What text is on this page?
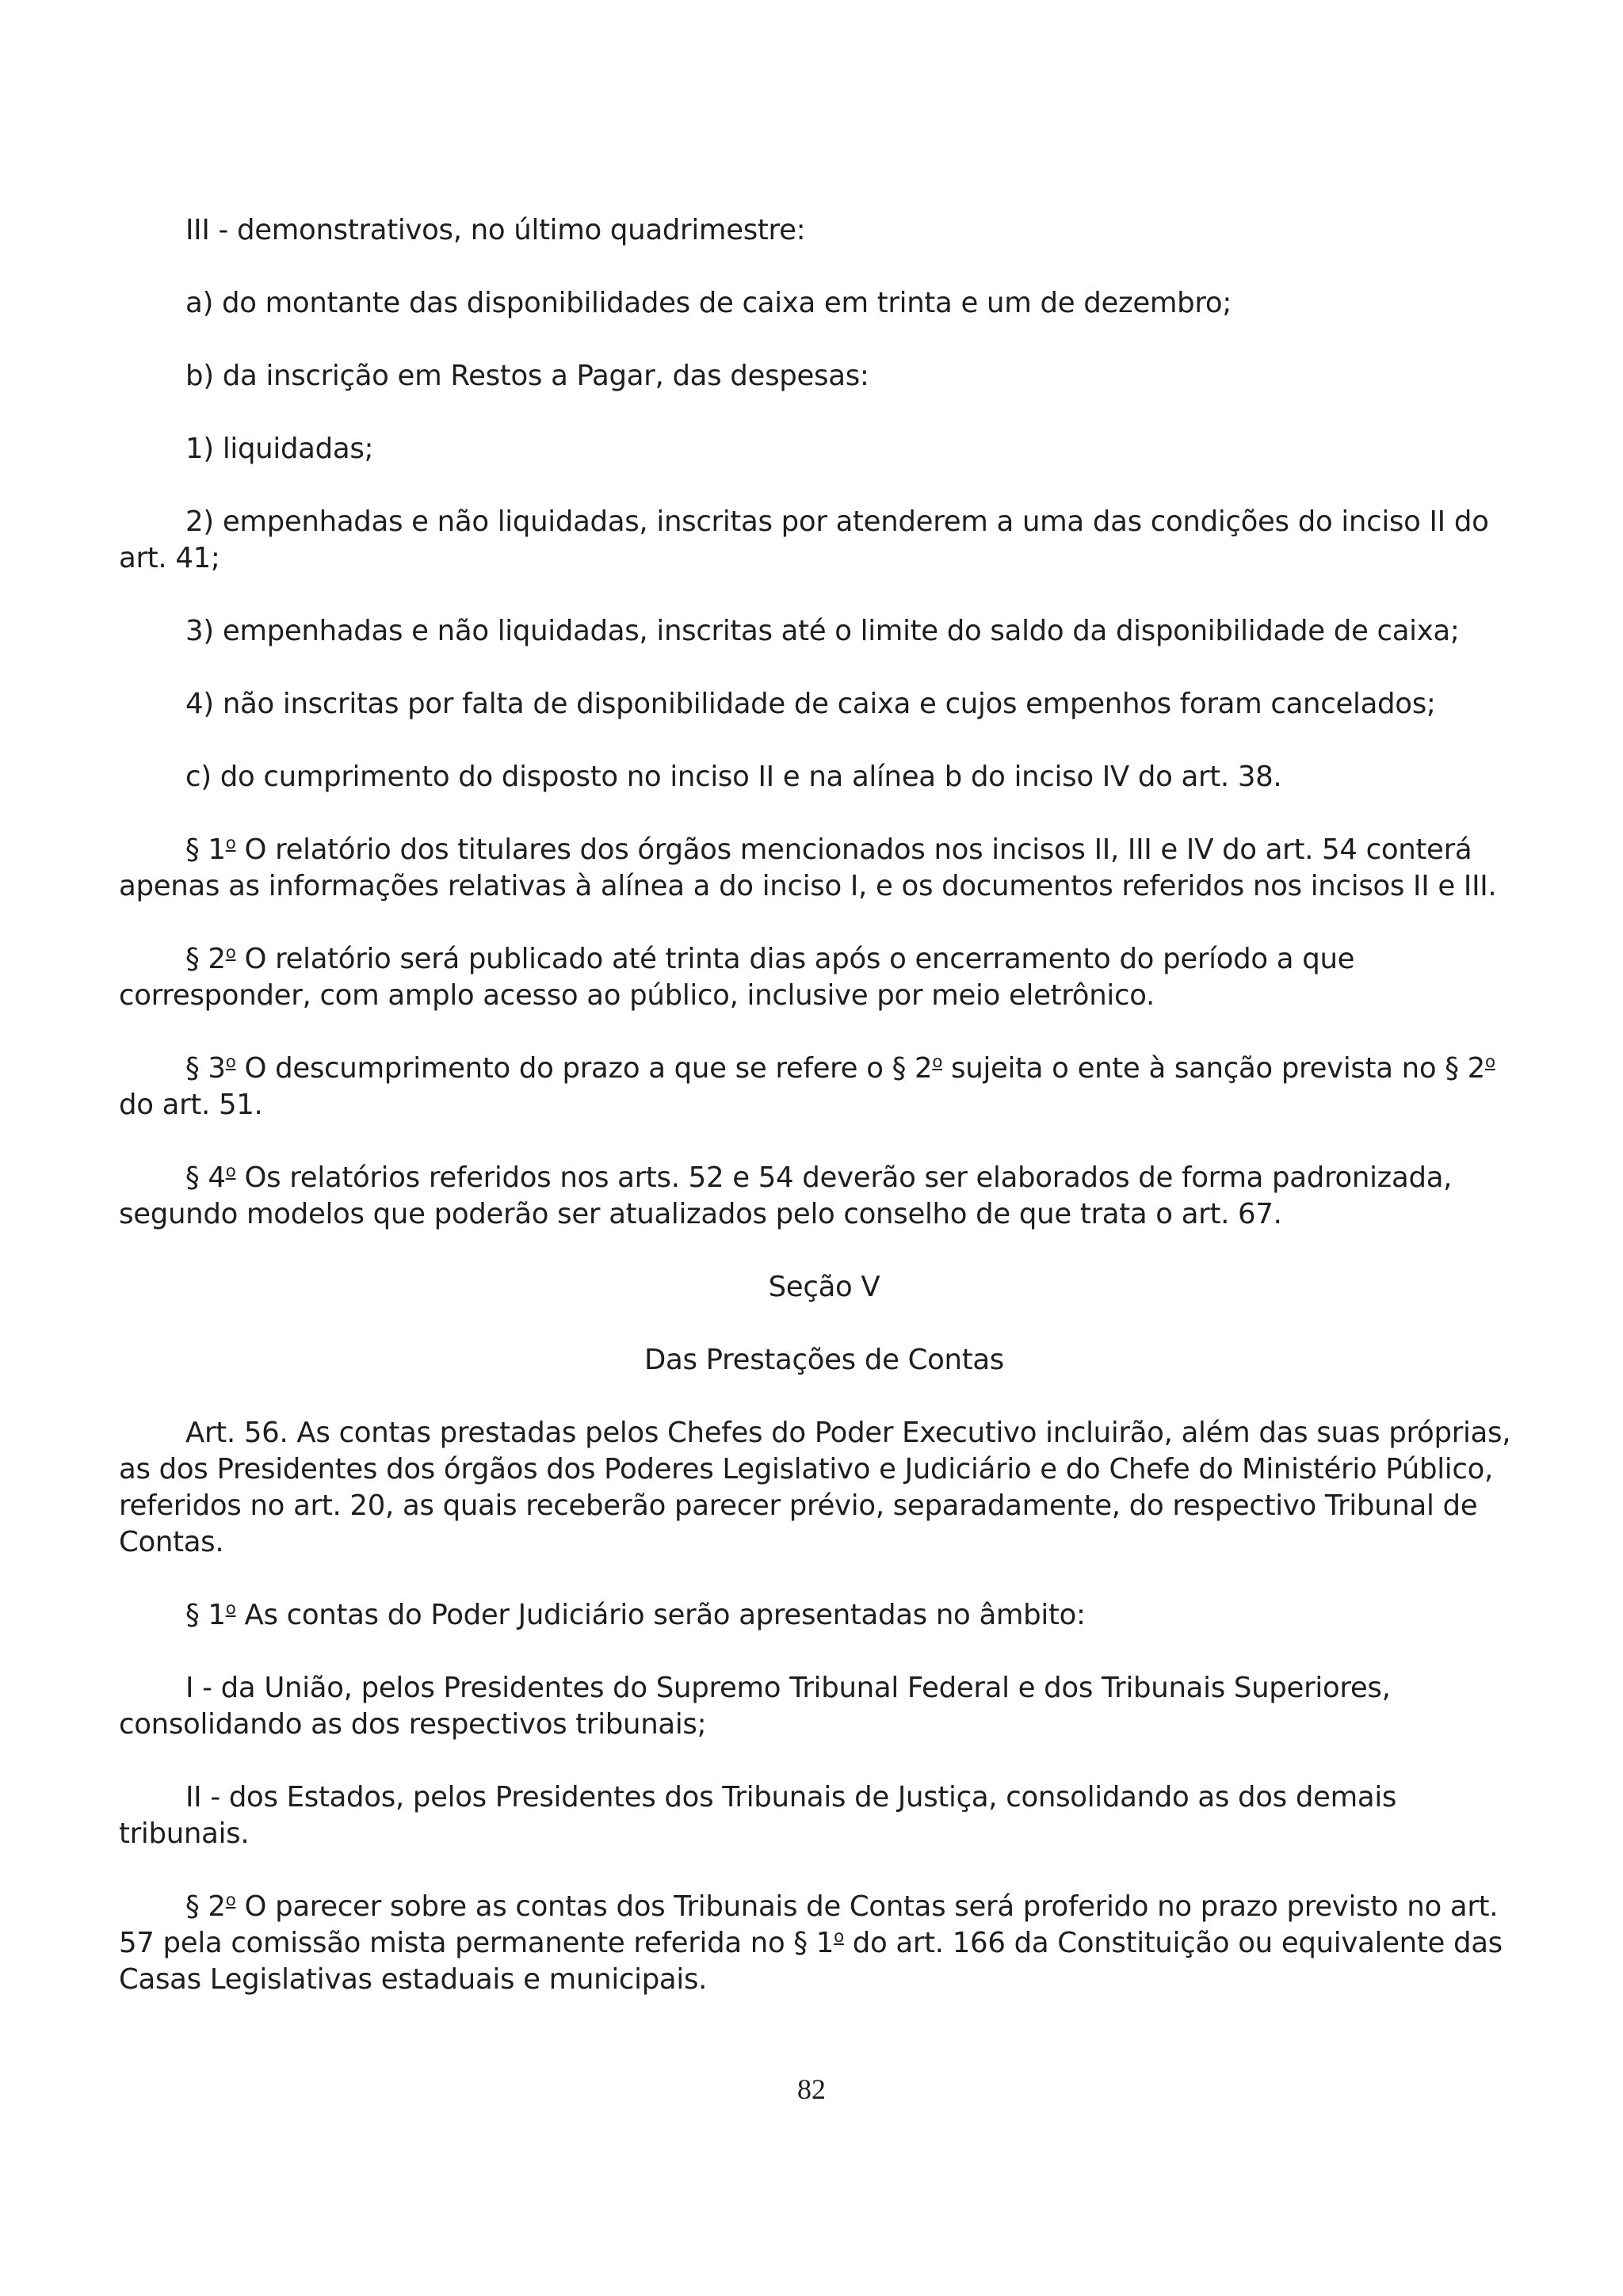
III - demonstrativos, no último quadrimestre:

a) do montante das disponibilidades de caixa em trinta e um de dezembro;

b) da inscrição em Restos a Pagar, das despesas:

1) liquidadas;

2) empenhadas e não liquidadas, inscritas por atenderem a uma das condições do inciso II do art. 41;

3) empenhadas e não liquidadas, inscritas até o limite do saldo da disponibilidade de caixa;

4) não inscritas por falta de disponibilidade de caixa e cujos empenhos foram cancelados;

c) do cumprimento do disposto no inciso II e na alínea b do inciso IV do art. 38.

§ 1$^o$ O relatório dos titulares dos órgãos mencionados nos incisos II, III e IV do art. 54 conterá apenas as informações relativas à alínea a do inciso I, e os documentos referidos nos incisos II e III.

§ 2$^o$ O relatório será publicado até trinta dias após o encerramento do período a que corresponder, com amplo acesso ao público, inclusive por meio eletrônico.

§ 3$^o$ O descumprimento do prazo a que se refere o § 2$^o$ sujeita o ente à sanção prevista no § 2$^o$ do art. 51.

§ 4$^o$ Os relatórios referidos nos arts. 52 e 54 deverão ser elaborados de forma padronizada, segundo modelos que poderão ser atualizados pelo conselho de que trata o art. 67.

Seção V

Das Prestações de Contas

Art. 56. As contas prestadas pelos Chefes do Poder Executivo incluirão, além das suas próprias, as dos Presidentes dos órgãos dos Poderes Legislativo e Judiciário e do Chefe do Ministério Público, referidos no art. 20, as quais receberão parecer prévio, separadamente, do respectivo Tribunal de Contas.

§ 1$^o$ As contas do Poder Judiciário serão apresentadas no âmbito:

I - da União, pelos Presidentes do Supremo Tribunal Federal e dos Tribunais Superiores, consolidando as dos respectivos tribunais;

II - dos Estados, pelos Presidentes dos Tribunais de Justiça, consolidando as dos demais tribunais.

§ 2$^o$ O parecer sobre as contas dos Tribunais de Contas será proferido no prazo previsto no art. 57 pela comissão mista permanente referida no § 1$^o$ do art. 166 da Constituição ou equivalente das Casas Legislativas estaduais e municipais.

82
